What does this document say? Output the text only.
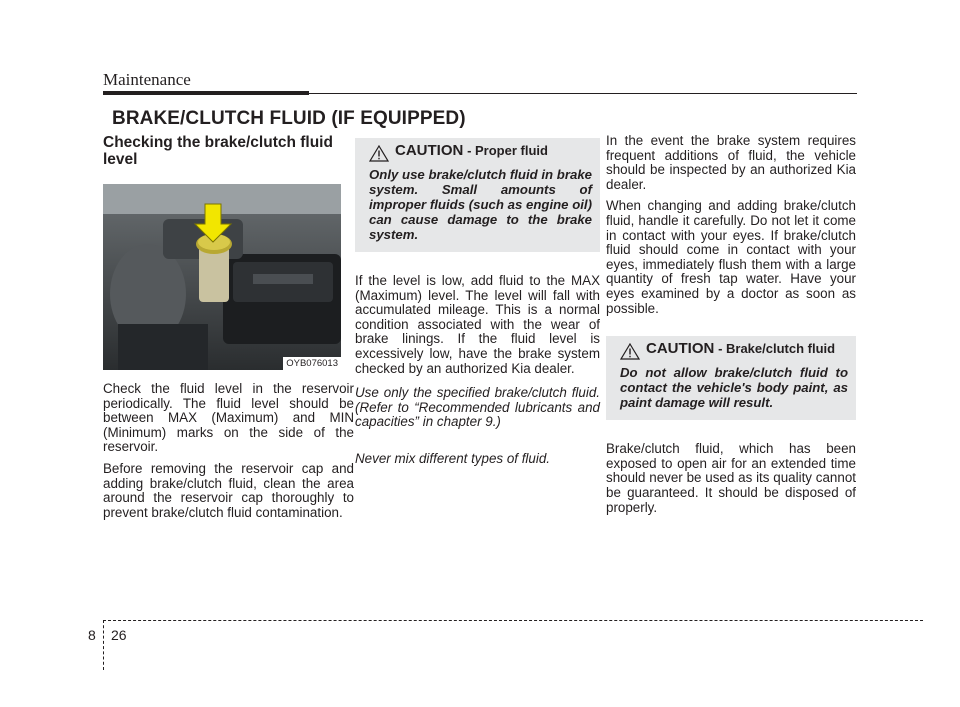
Maintenance
BRAKE/CLUTCH FLUID (IF EQUIPPED)
Checking the brake/clutch fluid level
OYB076013

Check the fluid level in the reservoir periodically. The fluid level should be between MAX (Maximum) and MIN (Minimum) marks on the side of the reservoir.

Before removing the reservoir cap and adding brake/clutch fluid, clean the area around the reservoir cap thoroughly to prevent brake/clutch fluid contamination.

CAUTION - Proper fluid
Only use brake/clutch fluid in brake system. Small amounts of improper fluids (such as engine oil) can cause damage to the brake system.

If the level is low, add fluid to the MAX (Maximum) level. The level will fall with accumulated mileage. This is a normal condition associated with the wear of brake linings. If the fluid level is excessively low, have the brake system checked by an authorized Kia dealer.

Use only the specified brake/clutch fluid. (Refer to “Recommended lubricants and capacities” in chapter 9.)

Never mix different types of fluid.

In the event the brake system requires frequent additions of fluid, the vehicle should be inspected by an authorized Kia dealer.

When changing and adding brake/clutch fluid, handle it carefully. Do not let it come in contact with your eyes. If brake/clutch fluid should come in contact with your eyes, immediately flush them with a large quantity of fresh tap water. Have your eyes examined by a doctor as soon as possible.

CAUTION - Brake/clutch fluid
Do not allow brake/clutch fluid to contact the vehicle's body paint, as paint damage will result.

Brake/clutch fluid, which has been exposed to open air for an extended time should never be used as its quality cannot be guaranteed. It should be disposed of properly.

8 26
